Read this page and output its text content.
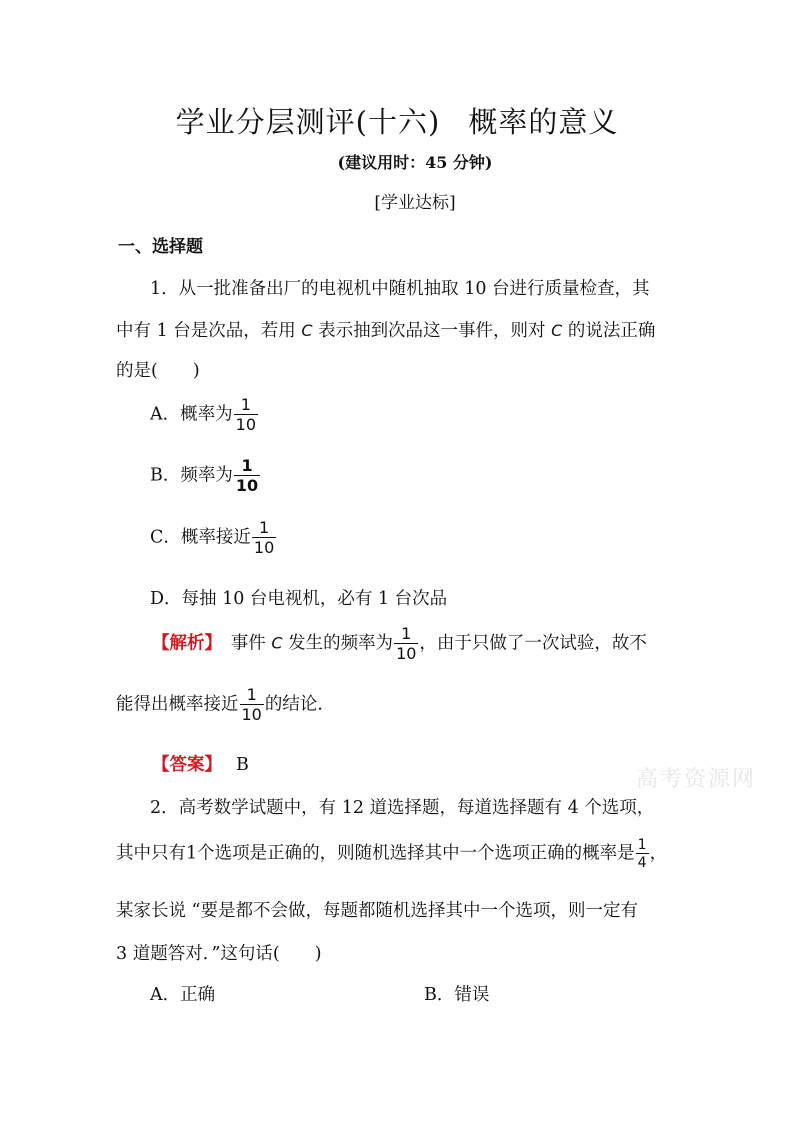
学业分层测评(十六) 概率的意义
(建议用时：45 分钟)
[学业达标]
一、选择题
1．从一批准备出厂的电视机中随机抽取 10 台进行质量检查，其
中有 1 台是次品，若用 C 表示抽到次品这一事件，则对 C 的说法正确
的是(　　)
A．概率为 $\frac{1}{10}$
B．频率为 $\frac{1}{10}$
C．概率接近 $\frac{1}{10}$
D．每抽 10 台电视机，必有 1 台次品
【解析】　事件 C 发生的频率为 $\frac{1}{10}$ ，由于只做了一次试验，故不
能得出概率接近 $\frac{1}{10}$ 的结论．
【答案】 B
高考资源网
2．高考数学试题中，有 12 道选择题，每道选择题有 4 个选项，
其中只有1个选项是正确的，则随机选择其中一个选项正确的概率是 $\frac{1}{4}$ ，
某家长说 “要是都不会做，每题都随机选择其中一个选项，则一定有
3 道题答对．”这句话(　　)
A．正确	B．错误
